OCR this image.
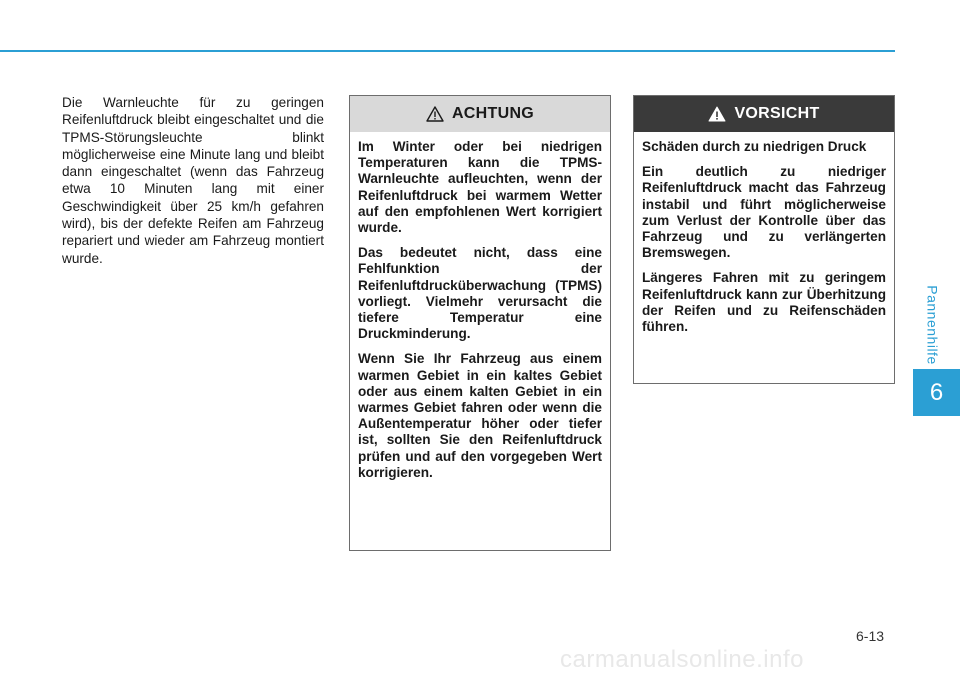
Pannenhilfe
6
Die Warnleuchte für zu geringen Reifenluftdruck bleibt eingeschaltet und die TPMS-Störungsleuchte blinkt möglicherweise eine Minute lang und bleibt dann eingeschaltet (wenn das Fahrzeug etwa 10 Minuten lang mit einer Geschwindigkeit über 25 km/h gefahren wird), bis der defekte Reifen am Fahrzeug repariert und wieder am Fahrzeug montiert wurde.
ACHTUNG

Im Winter oder bei niedrigen Temperaturen kann die TPMS-Warnleuchte aufleuchten, wenn der Reifenluftdruck bei warmem Wetter auf den empfohlenen Wert korrigiert wurde.

Das bedeutet nicht, dass eine Fehlfunktion der Reifenluftdrucküberwachung (TPMS) vorliegt. Vielmehr verursacht die tiefere Temperatur eine Druckminderung.

Wenn Sie Ihr Fahrzeug aus einem warmen Gebiet in ein kaltes Gebiet oder aus einem kalten Gebiet in ein warmes Gebiet fahren oder wenn die Außentemperatur höher oder tiefer ist, sollten Sie den Reifenluftdruck prüfen und auf den vorgegeben Wert korrigieren.

VORSICHT

Schäden durch zu niedrigen Druck

Ein deutlich zu niedriger Reifenluftdruck macht das Fahrzeug instabil und führt möglicherweise zum Verlust der Kontrolle über das Fahrzeug und zu verlängerten Bremswegen.

Längeres Fahren mit zu geringem Reifenluftdruck kann zur Überhitzung der Reifen und zu Reifenschäden führen.

6-13
carmanualsonline.info
